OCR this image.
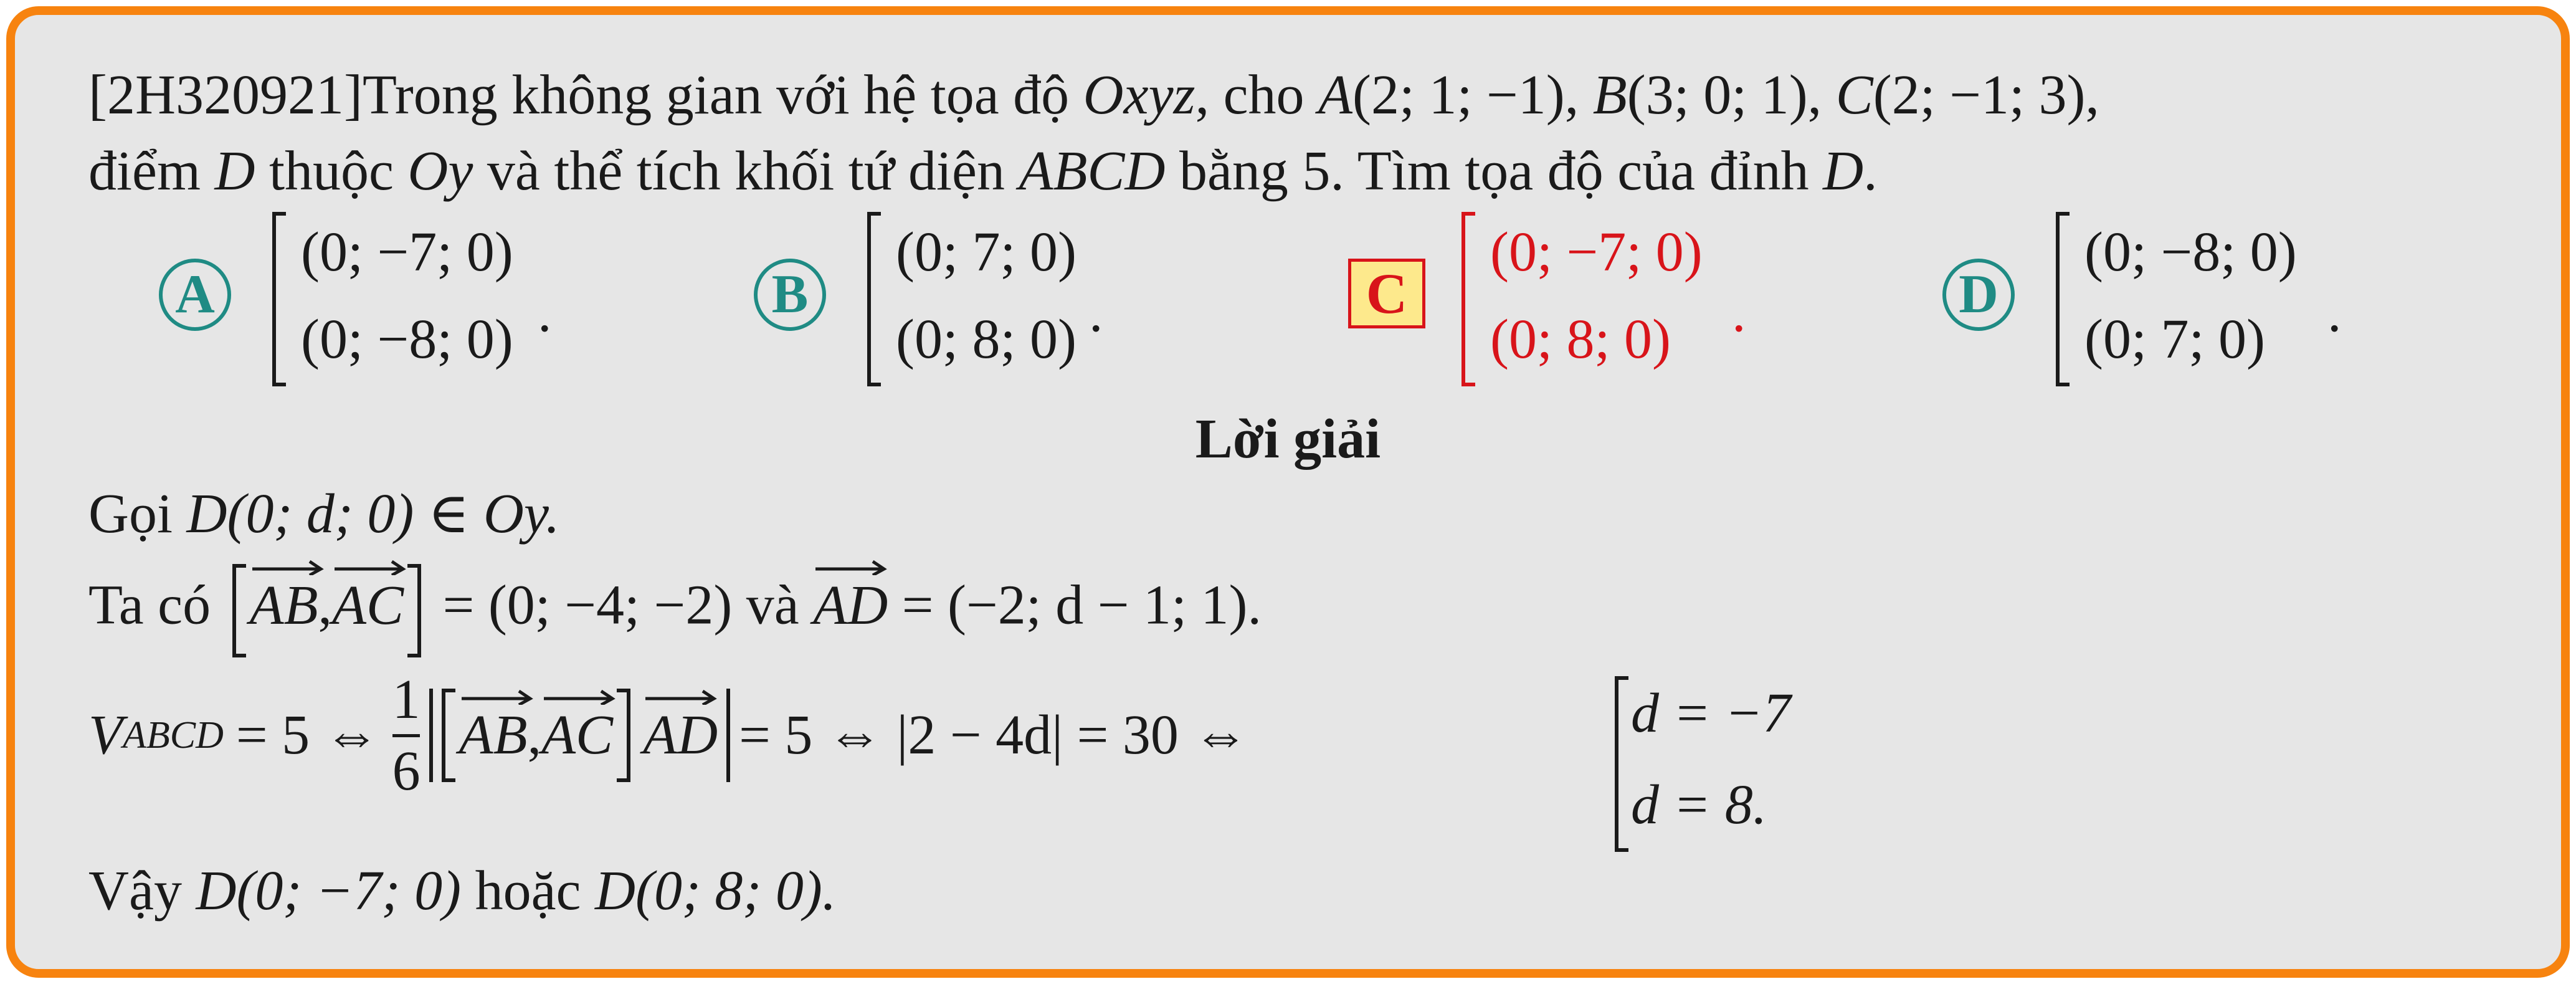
[2H320921]Trong không gian với hệ tọa độ Oxyz, cho A(2; 1; −1), B(3; 0; 1), C(2; −1; 3),
điểm D thuộc Oy và thể tích khối tứ diện ABCD bằng 5. Tìm tọa độ của đỉnh D.
A
(0; −7; 0)
(0; −8; 0) .	B
(0; 7; 0)
(0; 8; 0) .	C
(0; −7; 0)
(0; 8; 0) .	D
(0; −8; 0)
(0; 7; 0) .
Lời giải
Gọi D(0; d; 0) ∈ Oy.
Ta có AB,
AC = (0; −4; −2) và AD = (−2; d − 1; 1).
V ABCD = 5 ⇔
1
6
AB , AC AD = 5 ⇔ |2 − 4d| = 30 ⇔	d = −7
d = 8.
Vậy D(0; −7; 0) hoặc D(0; 8; 0).
